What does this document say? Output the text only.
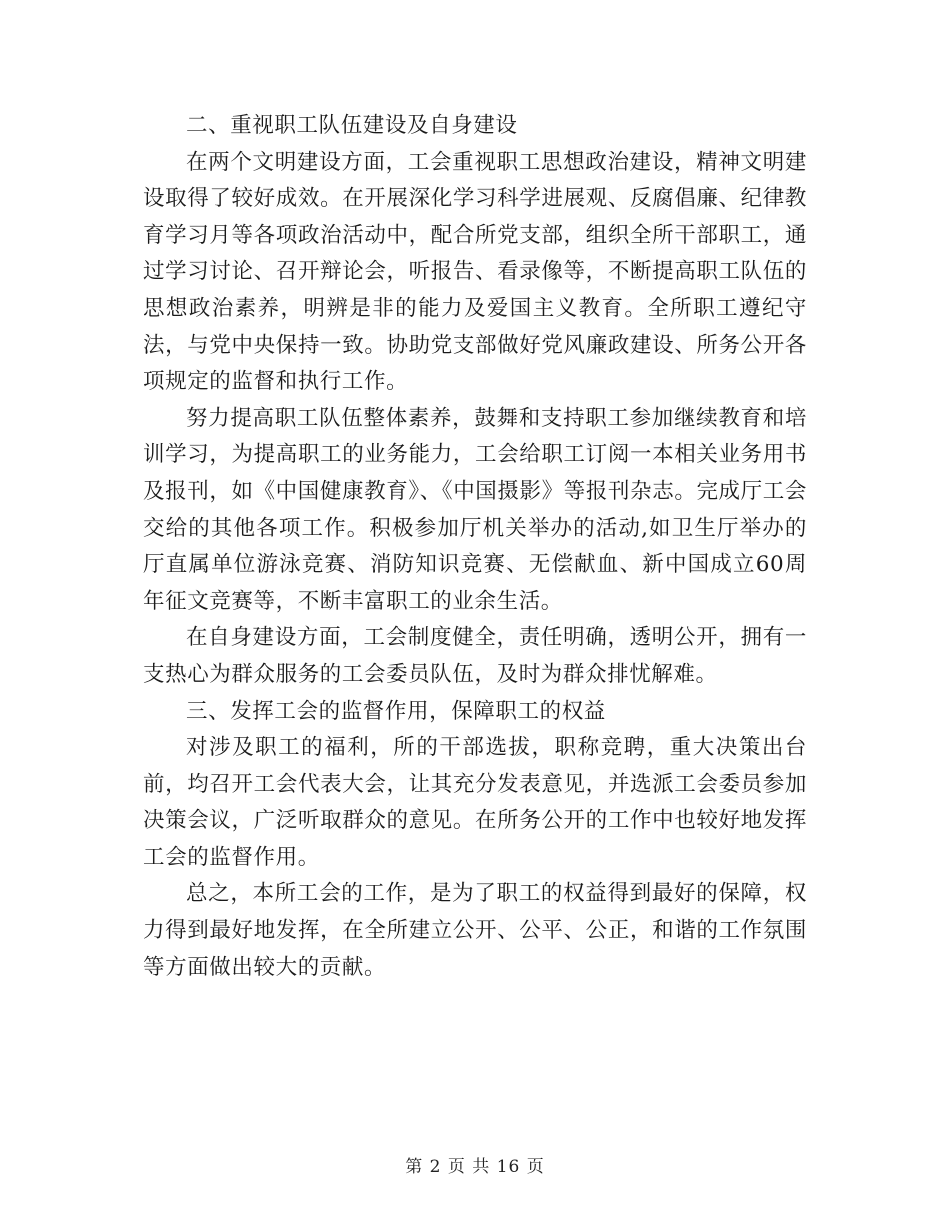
二、重视职工队伍建设及自身建设

在两个文明建设方面，工会重视职工思想政治建设，精神文明建设取得了较好成效。在开展深化学习科学进展观、反腐倡廉、纪律教育学习月等各项政治活动中，配合所党支部，组织全所干部职工，通过学习讨论、召开辩论会，听报告、看录像等，不断提高职工队伍的思想政治素养，明辨是非的能力及爱国主义教育。全所职工遵纪守法，与党中央保持一致。协助党支部做好党风廉政建设、所务公开各项规定的监督和执行工作。

努力提高职工队伍整体素养，鼓舞和支持职工参加继续教育和培训学习，为提高职工的业务能力，工会给职工订阅一本相关业务用书及报刊，如《中国健康教育》、《中国摄影》等报刊杂志。完成厅工会交给的其他各项工作。积极参加厅机关举办的活动,如卫生厅举办的厅直属单位游泳竞赛、消防知识竞赛、无偿献血、新中国成立60周年征文竞赛等，不断丰富职工的业余生活。

在自身建设方面，工会制度健全，责任明确，透明公开，拥有一支热心为群众服务的工会委员队伍，及时为群众排忧解难。

三、发挥工会的监督作用，保障职工的权益

对涉及职工的福利，所的干部选拔，职称竞聘，重大决策出台前，均召开工会代表大会，让其充分发表意见，并选派工会委员参加决策会议，广泛听取群众的意见。在所务公开的工作中也较好地发挥工会的监督作用。

总之，本所工会的工作，是为了职工的权益得到最好的保障，权力得到最好地发挥，在全所建立公开、公平、公正，和谐的工作氛围等方面做出较大的贡献。

第 2 页 共 16 页
